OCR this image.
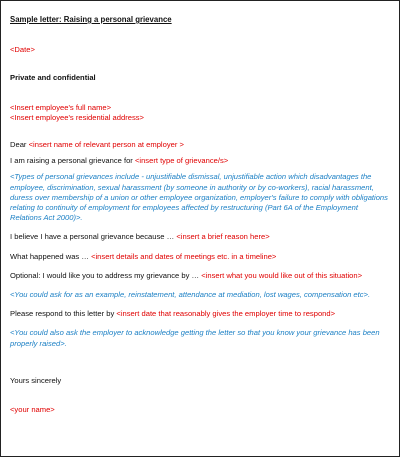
Sample letter: Raising a personal grievance

<Date>

Private and confidential

<Insert employee's full name>

<Insert employee's residential address>

Dear <insert name of relevant person at employer >

I am raising a personal grievance for <insert type of grievance/s>

<Types of personal grievances include - unjustifiable dismissal, unjustifiable action which disadvantages the employee, discrimination, sexual harassment (by someone in authority or by co-workers), racial harassment, duress over membership of a union or other employee organization, employer's failure to comply with obligations relating to continuity of employment for employees affected by restructuring (Part 6A of the Employment Relations Act 2000)>.

I believe I have a personal grievance because … <insert a brief reason here>

What happened was … <insert details and dates of meetings etc. in a timeline>

Optional: I would like you to address my grievance by … <insert what you would like out of this situation>

<You could ask for as an example, reinstatement, attendance at mediation, lost wages, compensation etc>.

Please respond to this letter by <insert date that reasonably gives the employer time to respond>

<You could also ask the employer to acknowledge getting the letter so that you know your grievance has been properly raised>.

Yours sincerely

<your name>
